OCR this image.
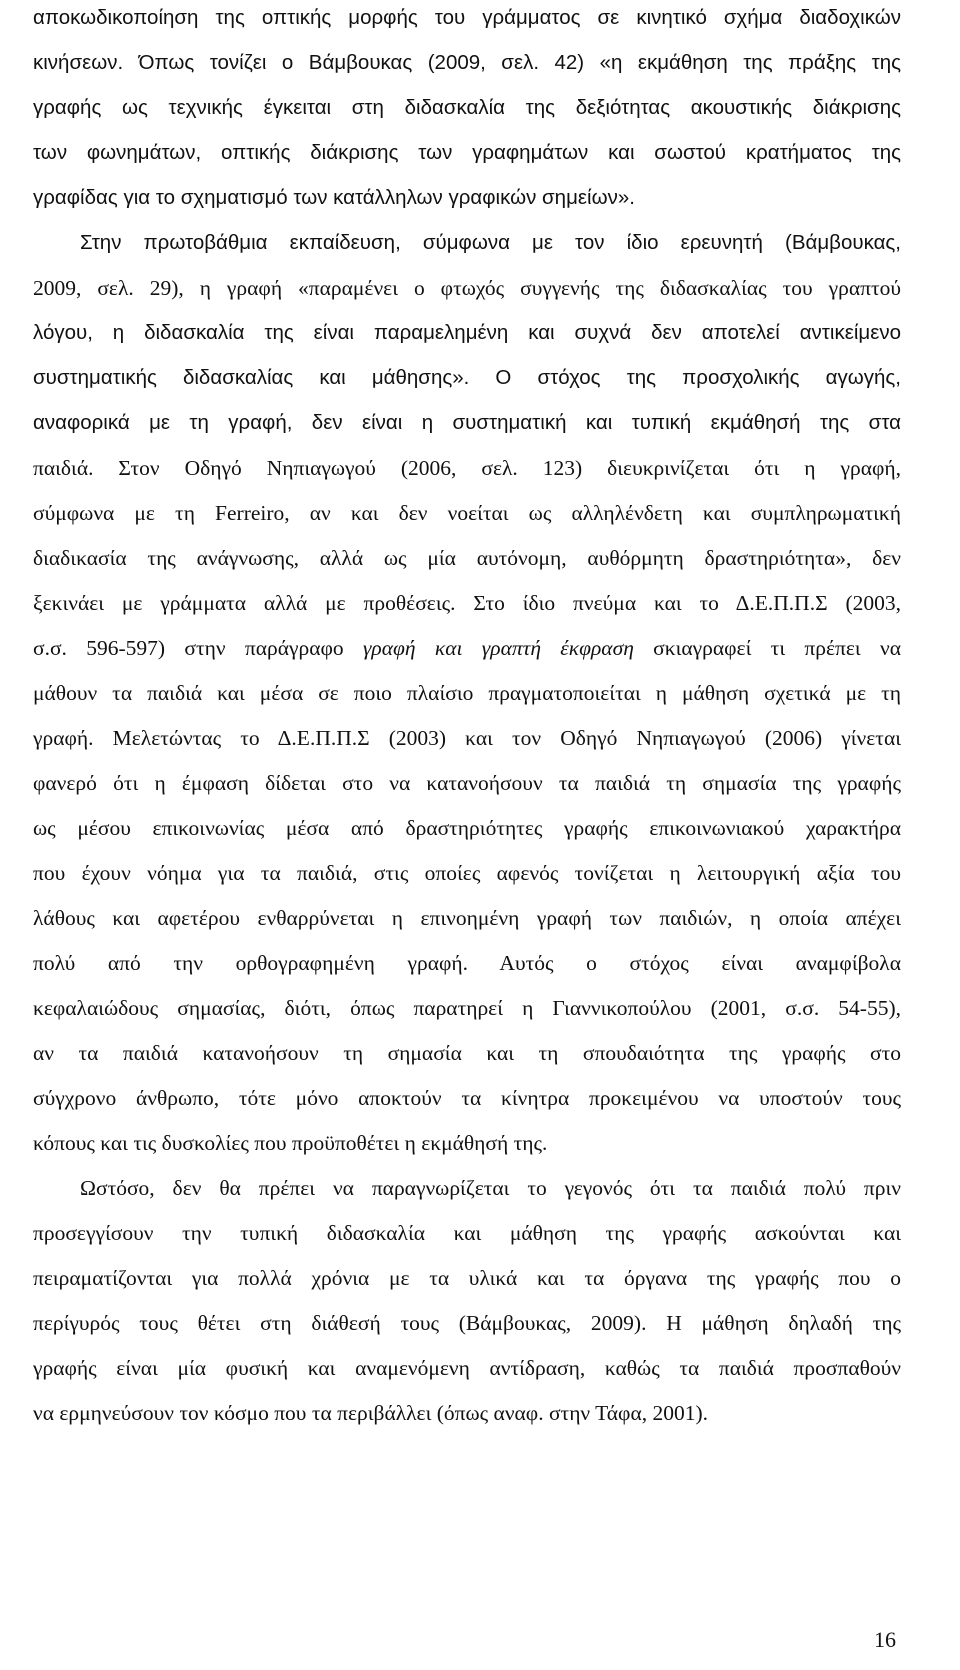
αποκωδικοποίηση της οπτικής μορφής του γράμματος σε κινητικό σχήμα διαδοχικών
κινήσεων. Όπως τονίζει ο Βάμβουκας (2009, σελ. 42) «η εκμάθηση της πράξης της
γραφής ως τεχνικής έγκειται στη διδασκαλία της δεξιότητας ακουστικής διάκρισης
των φωνημάτων, οπτικής διάκρισης των γραφημάτων και σωστού κρατήματος της
γραφίδας για το σχηματισμό των κατάλληλων γραφικών σημείων».
Στην πρωτοβάθμια εκπαίδευση, σύμφωνα με τον ίδιο ερευνητή (Βάμβουκας,
2009, σελ. 29), η γραφή «παραμένει ο φτωχός συγγενής της διδασκαλίας του γραπτού
λόγου, η διδασκαλία της είναι παραμελημένη και συχνά δεν αποτελεί αντικείμενο
συστηματικής διδασκαλίας και μάθησης». Ο στόχος της προσχολικής αγωγής,
αναφορικά με τη γραφή, δεν είναι η συστηματική και τυπική εκμάθησή της στα
παιδιά. Στον Οδηγό Νηπιαγωγού (2006, σελ. 123) διευκρινίζεται ότι η γραφή,
σύμφωνα με τη Ferreiro, αν και δεν νοείται ως αλληλένδετη και συμπληρωματική
διαδικασία της ανάγνωσης, αλλά ως μία αυτόνομη, αυθόρμητη δραστηριότητα», δεν
ξεκινάει με γράμματα αλλά με προθέσεις. Στο ίδιο πνεύμα και το Δ.Ε.Π.Π.Σ (2003,
σ.σ. 596-597) στην παράγραφο γραφή και γραπτή έκφραση σκιαγραφεί τι πρέπει να
μάθουν τα παιδιά και μέσα σε ποιο πλαίσιο πραγματοποιείται η μάθηση σχετικά με τη
γραφή. Μελετώντας το Δ.Ε.Π.Π.Σ (2003) και τον Οδηγό Νηπιαγωγού (2006) γίνεται
φανερό ότι η έμφαση δίδεται στο να κατανοήσουν τα παιδιά τη σημασία της γραφής
ως μέσου επικοινωνίας μέσα από δραστηριότητες γραφής επικοινωνιακού χαρακτήρα
που έχουν νόημα για τα παιδιά, στις οποίες αφενός τονίζεται η λειτουργική αξία του
λάθους και αφετέρου ενθαρρύνεται η επινοημένη γραφή των παιδιών, η οποία απέχει
πολύ από την ορθογραφημένη γραφή. Αυτός ο στόχος είναι αναμφίβολα
κεφαλαιώδους σημασίας, διότι, όπως παρατηρεί η Γιαννικοπούλου (2001, σ.σ. 54-55),
αν τα παιδιά κατανοήσουν τη σημασία και τη σπουδαιότητα της γραφής στο
σύγχρονο άνθρωπο, τότε μόνο αποκτούν τα κίνητρα προκειμένου να υποστούν τους
κόπους και τις δυσκολίες που προϋποθέτει η εκμάθησή της.
Ωστόσο, δεν θα πρέπει να παραγνωρίζεται το γεγονός ότι τα παιδιά πολύ πριν
προσεγγίσουν την τυπική διδασκαλία και μάθηση της γραφής ασκούνται και
πειραματίζονται για πολλά χρόνια με τα υλικά και τα όργανα της γραφής που ο
περίγυρός τους θέτει στη διάθεσή τους (Βάμβουκας, 2009). Η μάθηση δηλαδή της
γραφής είναι μία φυσική και αναμενόμενη αντίδραση, καθώς τα παιδιά προσπαθούν
να ερμηνεύσουν τον κόσμο που τα περιβάλλει (όπως αναφ. στην Τάφα, 2001).
16
